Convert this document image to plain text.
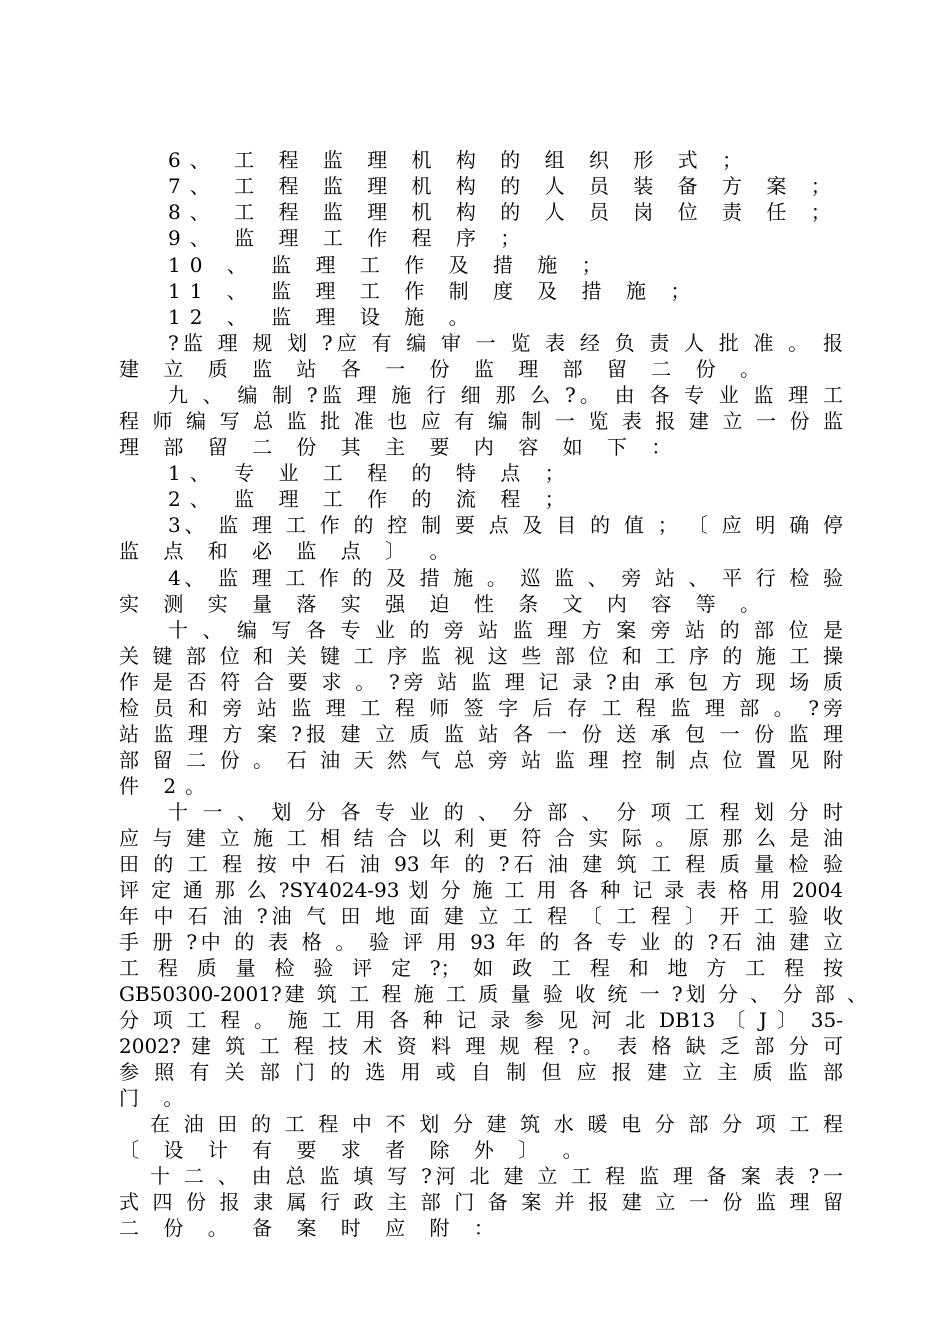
6、 工 程 监 理 机 构 的 组 织 形 式 ；
7、 工 程 监 理 机 构 的 人 员 装 备 方 案 ；
8、 工 程 监 理 机 构 的 人 员 岗 位 责 任 ；
9、 监 理 工 作 程 序 ；
10 、 监 理 工 作 及 措 施 ；
11 、 监 理 工 作 制 度 及 措 施 ；
12 、 监 理 设 施 。
?监 理 规 划 ?应 有 编 审 一 览 表 经 负 责 人 批 准 。 报
建 立 质 监 站 各 一 份 监 理 部 留 二 份 。
九 、 编 制 ?监 理 施 行 细 那 么 ?。 由 各 专 业 监 理 工
程 师 编 写 总 监 批 准 也 应 有 编 制 一 览 表 报 建 立 一 份 监
理 部 留 二 份 其 主 要 内 容 如 下 ：
1、 专 业 工 程 的 特 点 ；
2、 监 理 工 作 的 流 程 ；
3、 监 理 工 作 的 控 制 要 点 及 目 的 值 ； 〔 应 明 确 停
监 点 和 必 监 点 〕 。
4、 监 理 工 作 的 及 措 施 。 巡 监 、 旁 站 、 平 行 检 验
实 测 实 量 落 实 强 迫 性 条 文 内 容 等 。
十 、 编 写 各 专 业 的 旁 站 监 理 方 案 旁 站 的 部 位 是
关 键 部 位 和 关 键 工 序 监 视 这 些 部 位 和 工 序 的 施 工 操
作 是 否 符 合 要 求 。 ?旁 站 监 理 记 录 ?由 承 包 方 现 场 质
检 员 和 旁 站 监 理 工 程 师 签 字 后 存 工 程 监 理 部 。 ?旁
站 监 理 方 案 ?报 建 立 质 监 站 各 一 份 送 承 包 一 份 监 理
部 留 二 份 。 石 油 天 然 气 总 旁 站 监 理 控 制 点 位 置 见 附
件 2。
十 一 、 划 分 各 专 业 的 、 分 部 、 分 项 工 程 划 分 时
应 与 建 立 施 工 相 结 合 以 利 更 符 合 实 际 。 原 那 么 是 油
田 的 工 程 按 中 石 油 93 年 的 ?石 油 建 筑 工 程 质 量 检 验
评 定 通 那 么 ?SY4024-93 划 分 施 工 用 各 种 记 录 表 格 用 2004
年 中 石 油 ?油 气 田 地 面 建 立 工 程 〔 工 程 〕 开 工 验 收
手 册 ?中 的 表 格 。 验 评 用 93 年 的 各 专 业 的 ?石 油 建 立
工 程 质 量 检 验 评 定 ?； 如 政 工 程 和 地 方 工 程 按
GB50300-2001?建 筑 工 程 施 工 质 量 验 收 统 一 ?划 分 、 分 部 、
分 项 工 程 。 施 工 用 各 种 记 录 参 见 河 北 DB13 〔 J 〕 35-
2002? 建 筑 工 程 技 术 资 料 理 规 程 ?。 表 格 缺 乏 部 分 可
参 照 有 关 部 门 的 选 用 或 自 制 但 应 报 建 立 主 质 监 部
门 。
在 油 田 的 工 程 中 不 划 分 建 筑 水 暖 电 分 部 分 项 工 程
〔 设 计 有 要 求 者 除 外 〕 。
十 二 、 由 总 监 填 写 ?河 北 建 立 工 程 监 理 备 案 表 ?一
式 四 份 报 隶 属 行 政 主 部 门 备 案 并 报 建 立 一 份 监 理 留
二 份 。 备 案 时 应 附 ：
